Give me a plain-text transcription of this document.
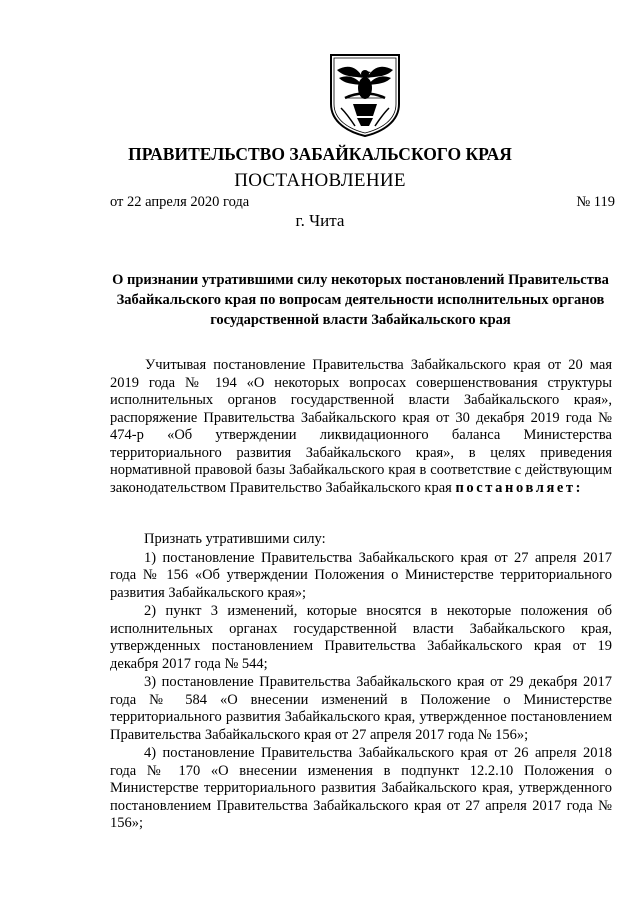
ПРАВИТЕЛЬСТВО ЗАБАЙКАЛЬСКОГО КРАЯ
ПОСТАНОВЛЕНИЕ
от 22 апреля 2020 года	№ 119
г. Чита
О признании утратившими силу некоторых постановлений Правительства Забайкальского края по вопросам деятельности исполнительных органов государственной власти Забайкальского края
Учитывая постановление Правительства Забайкальского края от 20 мая 2019 года № 194 «О некоторых вопросах совершенствования структуры исполнительных органов государственной власти Забайкальского края», распоряжение Правительства Забайкальского края от 30 декабря 2019 года № 474-р «Об утверждении ликвидационного баланса Министерства территориального развития Забайкальского края», в целях приведения нормативной правовой базы Забайкальского края в соответствие с действующим законодательством Правительство Забайкальского края постановляет:

Признать утратившими силу:

1) постановление Правительства Забайкальского края от 27 апреля 2017 года № 156 «Об утверждении Положения о Министерстве территориального развития Забайкальского края»;

2) пункт 3 изменений, которые вносятся в некоторые положения об исполнительных органах государственной власти Забайкальского края, утвержденных постановлением Правительства Забайкальского края от 19 декабря 2017 года № 544;

3) постановление Правительства Забайкальского края от 29 декабря 2017 года № 584 «О внесении изменений в Положение о Министерстве территориального развития Забайкальского края, утвержденное постановлением Правительства Забайкальского края от 27 апреля 2017 года № 156»;

4) постановление Правительства Забайкальского края от 26 апреля 2018 года № 170 «О внесении изменения в подпункт 12.2.10 Положения о Министерстве территориального развития Забайкальского края, утвержденного постановлением Правительства Забайкальского края от 27 апреля 2017 года № 156»;
